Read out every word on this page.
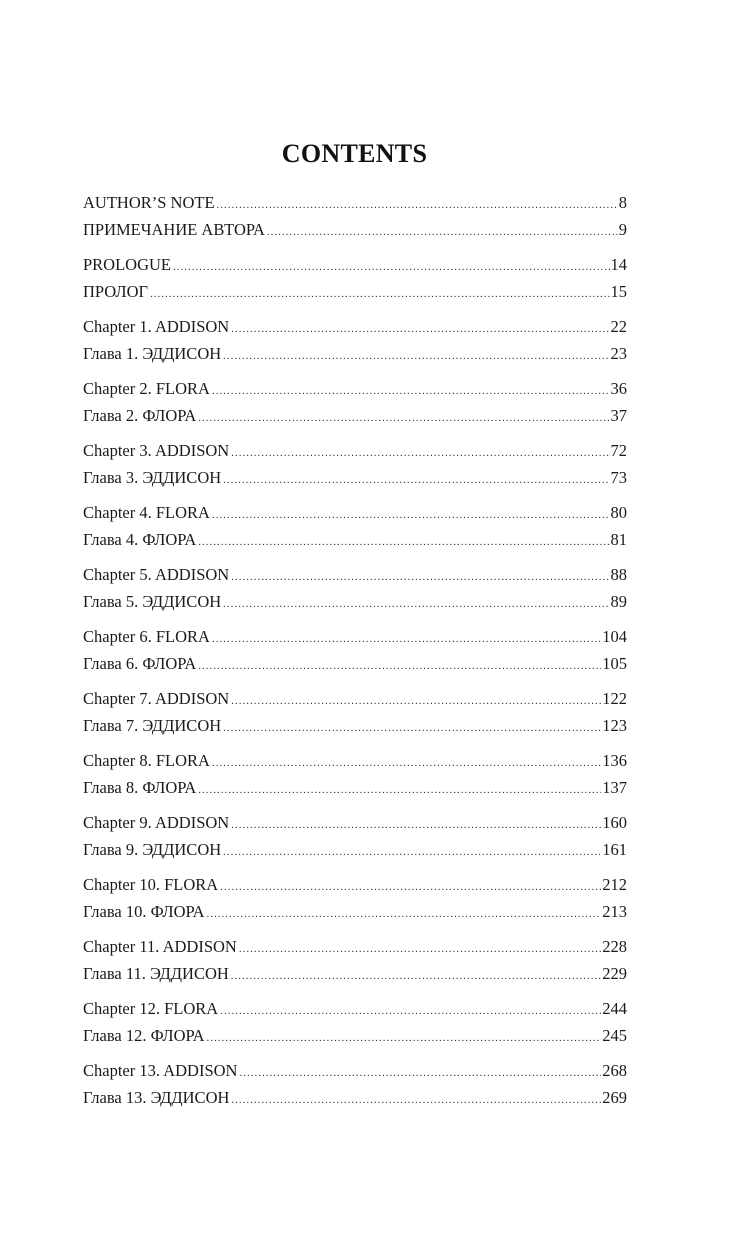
CONTENTS
AUTHOR’S NOTE .....	8
ПРИМЕЧАНИЕ АВТОРА .....	9
PROLOGUE .....	14
ПРОЛОГ .....	15
Chapter 1. ADDISON .....	22
Глава 1. ЭДДИСОН .....	23
Chapter 2. FLORA .....	36
Глава 2. ФЛОРА .....	37
Chapter 3. ADDISON .....	72
Глава 3. ЭДДИСОН .....	73
Chapter 4. FLORA .....	80
Глава 4. ФЛОРА .....	81
Chapter 5. ADDISON .....	88
Глава 5. ЭДДИСОН .....	89
Chapter 6. FLORA .....	104
Глава 6. ФЛОРА .....	105
Chapter 7. ADDISON .....	122
Глава 7. ЭДДИСОН .....	123
Chapter 8. FLORA .....	136
Глава 8. ФЛОРА .....	137
Chapter 9. ADDISON .....	160
Глава 9. ЭДДИСОН .....	161
Chapter 10. FLORA .....	212
Глава 10. ФЛОРА .....	213
Chapter 11. ADDISON .....	228
Глава 11. ЭДДИСОН .....	229
Chapter 12. FLORA .....	244
Глава 12. ФЛОРА .....	245
Chapter 13. ADDISON .....	268
Глава 13. ЭДДИСОН .....	269
